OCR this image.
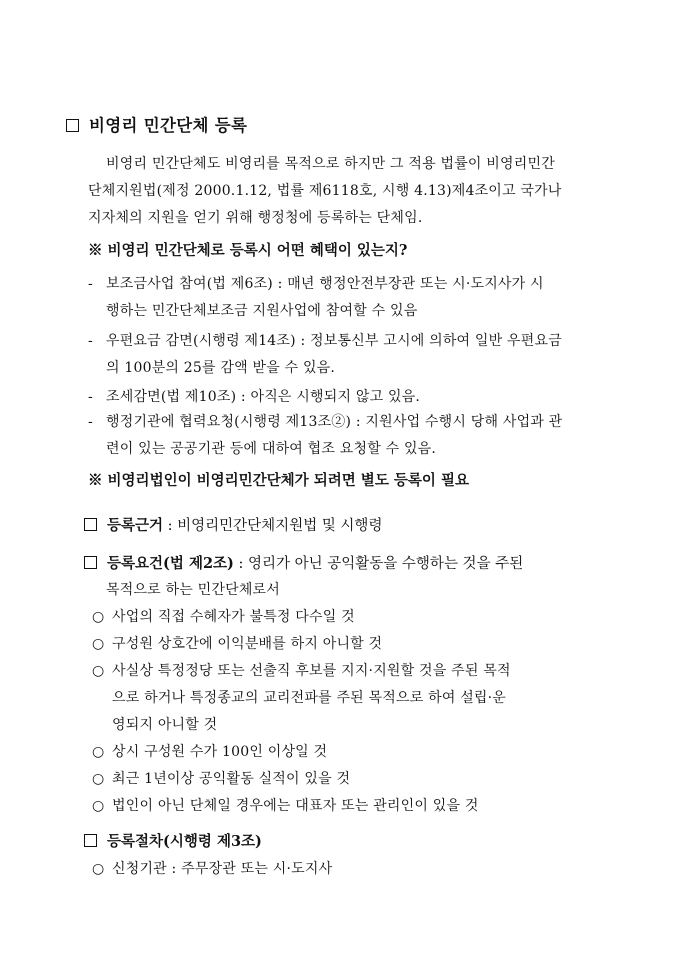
비영리 민간단체 등록
비영리 민간단체도 비영리를 목적으로 하지만 그 적용 법률이 비영리민간
단체지원법(제정 2000.1.12, 법률 제6118호, 시행 4.13)제4조이고 국가나
지자체의 지원을 얻기 위해 행정청에 등록하는 단체임.
※ 비영리 민간단체로 등록시 어떤 혜택이 있는지?
- 보조금사업 참여(법 제6조) : 매년 행정안전부장관 또는 시·도지사가 시
행하는 민간단체보조금 지원사업에 참여할 수 있음
- 우편요금 감면(시행령 제14조) : 정보통신부 고시에 의하여 일반 우편요금
의 100분의 25를 감액 받을 수 있음.
- 조세감면(법 제10조) : 아직은 시행되지 않고 있음.
- 행정기관에 협력요청(시행령 제13조②) : 지원사업 수행시 당해 사업과 관
련이 있는 공공기관 등에 대하여 협조 요청할 수 있음.
※ 비영리법인이 비영리민간단체가 되려면 별도 등록이 필요
등록근거 : 비영리민간단체지원법 및 시행령
등록요건(법 제2조) : 영리가 아닌 공익활동을 수행하는 것을 주된
목적으로 하는 민간단체로서
○ 사업의 직접 수혜자가 불특정 다수일 것
○ 구성원 상호간에 이익분배를 하지 아니할 것
○ 사실상 특정정당 또는 선출직 후보를 지지·지원할 것을 주된 목적
으로 하거나 특정종교의 교리전파를 주된 목적으로 하여 설립·운
영되지 아니할 것
○ 상시 구성원 수가 100인 이상일 것
○ 최근 1년이상 공익활동 실적이 있을 것
○ 법인이 아닌 단체일 경우에는 대표자 또는 관리인이 있을 것
등록절차(시행령 제3조)
○ 신청기관 : 주무장관 또는 시·도지사
